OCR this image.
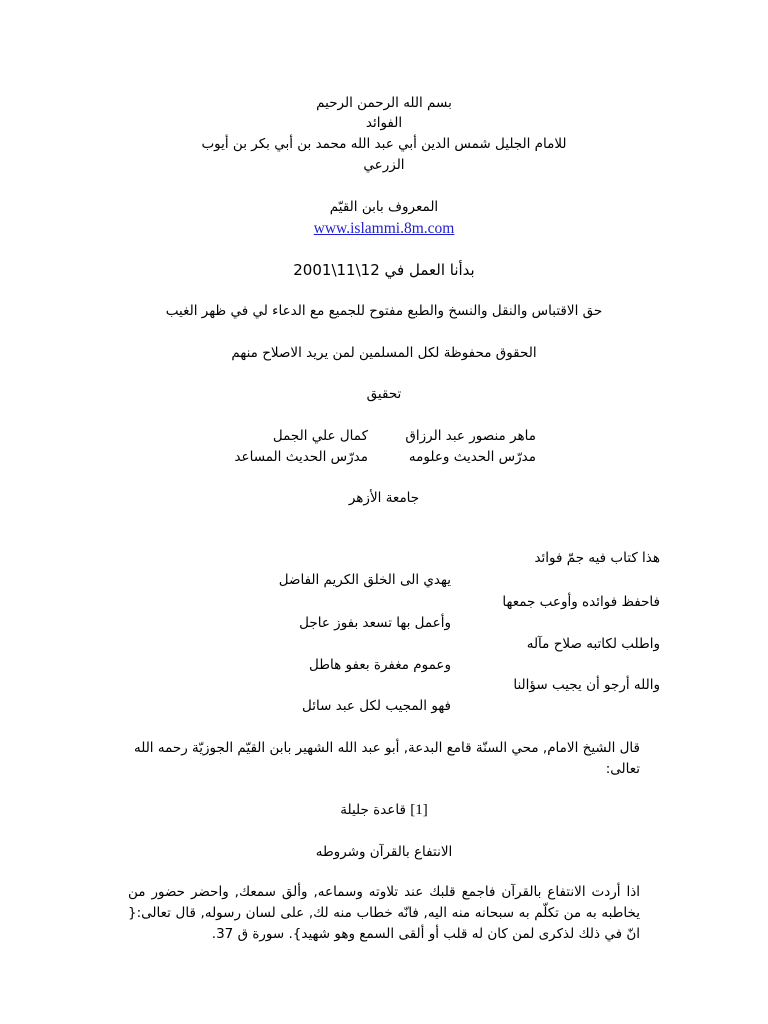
بسم الله الرحمن الرحيم
الفوائد
للامام الجليل شمس الدين أبي عبد الله محمد بن أبي بكر بن أيوب
الزرعي
المعروف بابن القيّم
www.islammi.8m.com
بدأنا العمل في 12\11\2001
حق الاقتباس والنقل والنسخ والطبع مفتوح للجميع مع الدعاء لي في ظهر الغيب
الحقوق محفوظة لكل المسلمين لمن يريد الاصلاح منهم
تحقيق
ماهر منصور عبد الرزاق
كمال علي الجمل
مدرّس الحديث وعلومه
مدرّس الحديث المساعد
جامعة الأزهر
هذا كتاب فيه جمّ فوائد
يهدي الى الخلق الكريم الفاضل
فاحفظ فوائده وأوعب جمعها
وأعمل بها تسعد بفوز عاجل
واطلب لكاتبه صلاح مآله
وعموم مغفرة بعفو هاطل
والله أرجو أن يجيب سؤالنا
فهو المجيب لكل عبد سائل
قال الشيخ الامام, محي السنّة قامع البدعة, أبو عبد الله الشهير بابن القيّم الجوزيّة رحمه الله
تعالى:
[1] قاعدة جليلة
الانتفاع بالقرآن وشروطه
اذا أردت الانتفاع بالقرآن فاجمع قلبك عند تلاوته وسماعه, وألق سمعك, واحضر حضور من يخاطبه به من تكلّم به سبحانه منه اليه, فانّه خطاب منه لك, على لسان رسوله, قال تعالى:{ انّ في ذلك لذكرى لمن كان له قلب أو ألقى السمع وهو شهيد}. سورة ق 37.
